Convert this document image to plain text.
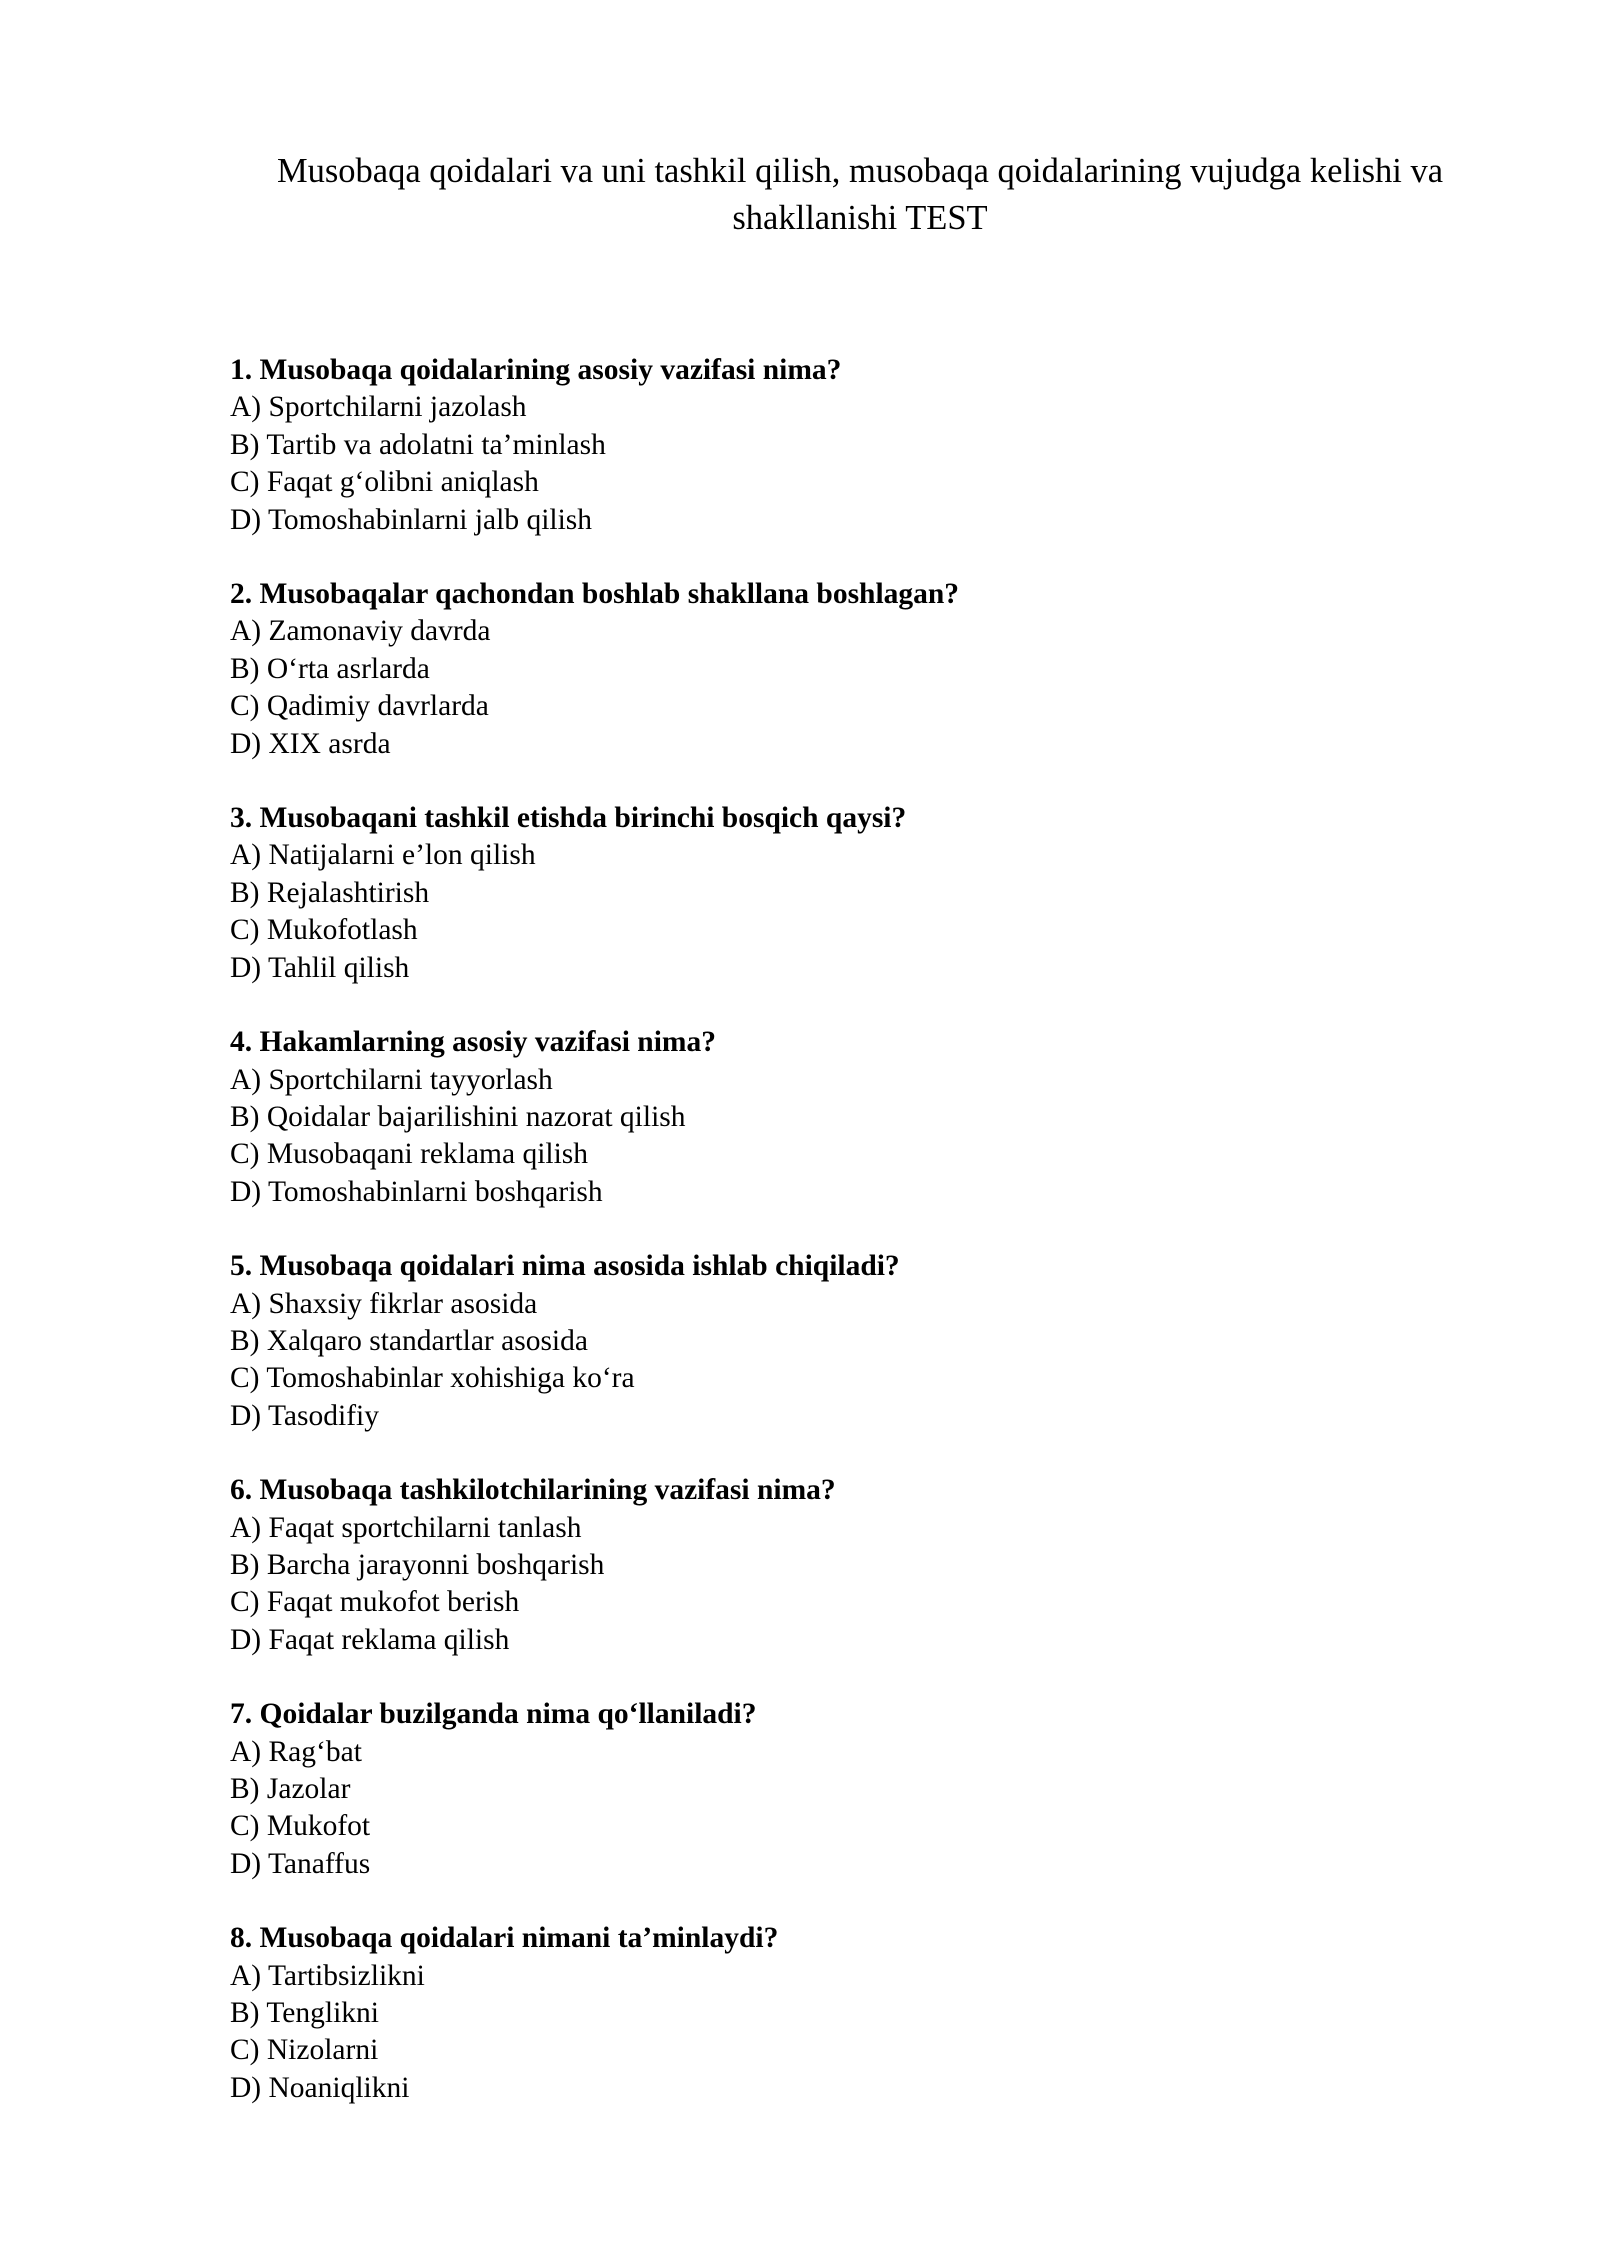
Musobaqa qoidalari va uni tashkil qilish, musobaqa qoidalarining vujudga kelishi va shakllanishi TEST

1. Musobaqa qoidalarining asosiy vazifasi nima?

A) Sportchilarni jazolash

B) Tartib va adolatni ta’minlash

C) Faqat g‘olibni aniqlash

D) Tomoshabinlarni jalb qilish

2. Musobaqalar qachondan boshlab shakllana boshlagan?

A) Zamonaviy davrda

B) O‘rta asrlarda

C) Qadimiy davrlarda

D) XIX asrda

3. Musobaqani tashkil etishda birinchi bosqich qaysi?

A) Natijalarni e’lon qilish

B) Rejalashtirish

C) Mukofotlash

D) Tahlil qilish

4. Hakamlarning asosiy vazifasi nima?

A) Sportchilarni tayyorlash

B) Qoidalar bajarilishini nazorat qilish

C) Musobaqani reklama qilish

D) Tomoshabinlarni boshqarish

5. Musobaqa qoidalari nima asosida ishlab chiqiladi?

A) Shaxsiy fikrlar asosida

B) Xalqaro standartlar asosida

C) Tomoshabinlar xohishiga ko‘ra

D) Tasodifiy

6. Musobaqa tashkilotchilarining vazifasi nima?

A) Faqat sportchilarni tanlash

B) Barcha jarayonni boshqarish

C) Faqat mukofot berish

D) Faqat reklama qilish

7. Qoidalar buzilganda nima qo‘llaniladi?

A) Rag‘bat

B) Jazolar

C) Mukofot

D) Tanaffus

8. Musobaqa qoidalari nimani ta’minlaydi?

A) Tartibsizlikni

B) Tenglikni

C) Nizolarni

D) Noaniqlikni
